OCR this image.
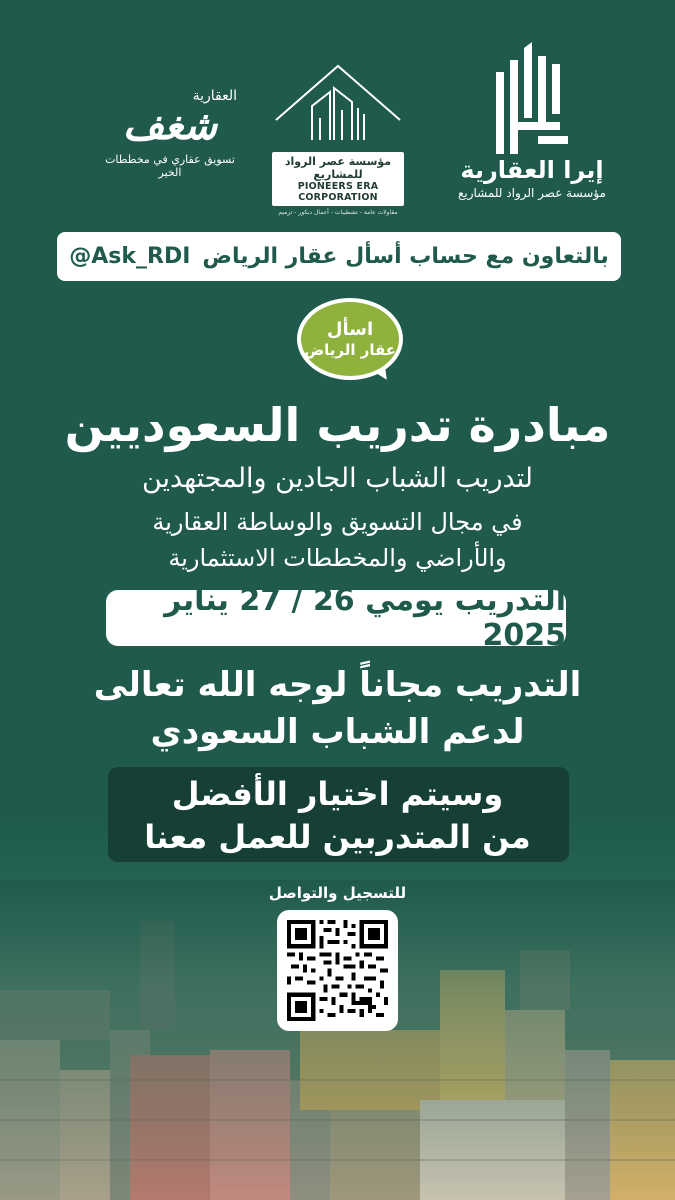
إيرا العقارية
مؤسسة عصر الرواد للمشاريع
مؤسسة عصر الرواد للمشاريع
PIONEERS ERA CORPORATION
مقاولات عامة - تشطيبات - أعمال ديكور - ترميم
العقارية
شغف
تسويق عقاري في مخططات الخير
بالتعاون مع حساب أسأل عقار الرياض
@Ask_RDI
اسأل
عقار الرياض
مبادرة تدريب السعوديين
لتدريب الشباب الجادين والمجتهدين
في مجال التسويق والوساطة العقارية
والأراضي والمخططات الاستثمارية
التدريب يومي 26 / 27 يناير 2025
التدريب مجاناً لوجه الله تعالى
لدعم الشباب السعودي
وسيتم اختيار الأفضل
من المتدربين للعمل معنا
للتسجيل والتواصل
